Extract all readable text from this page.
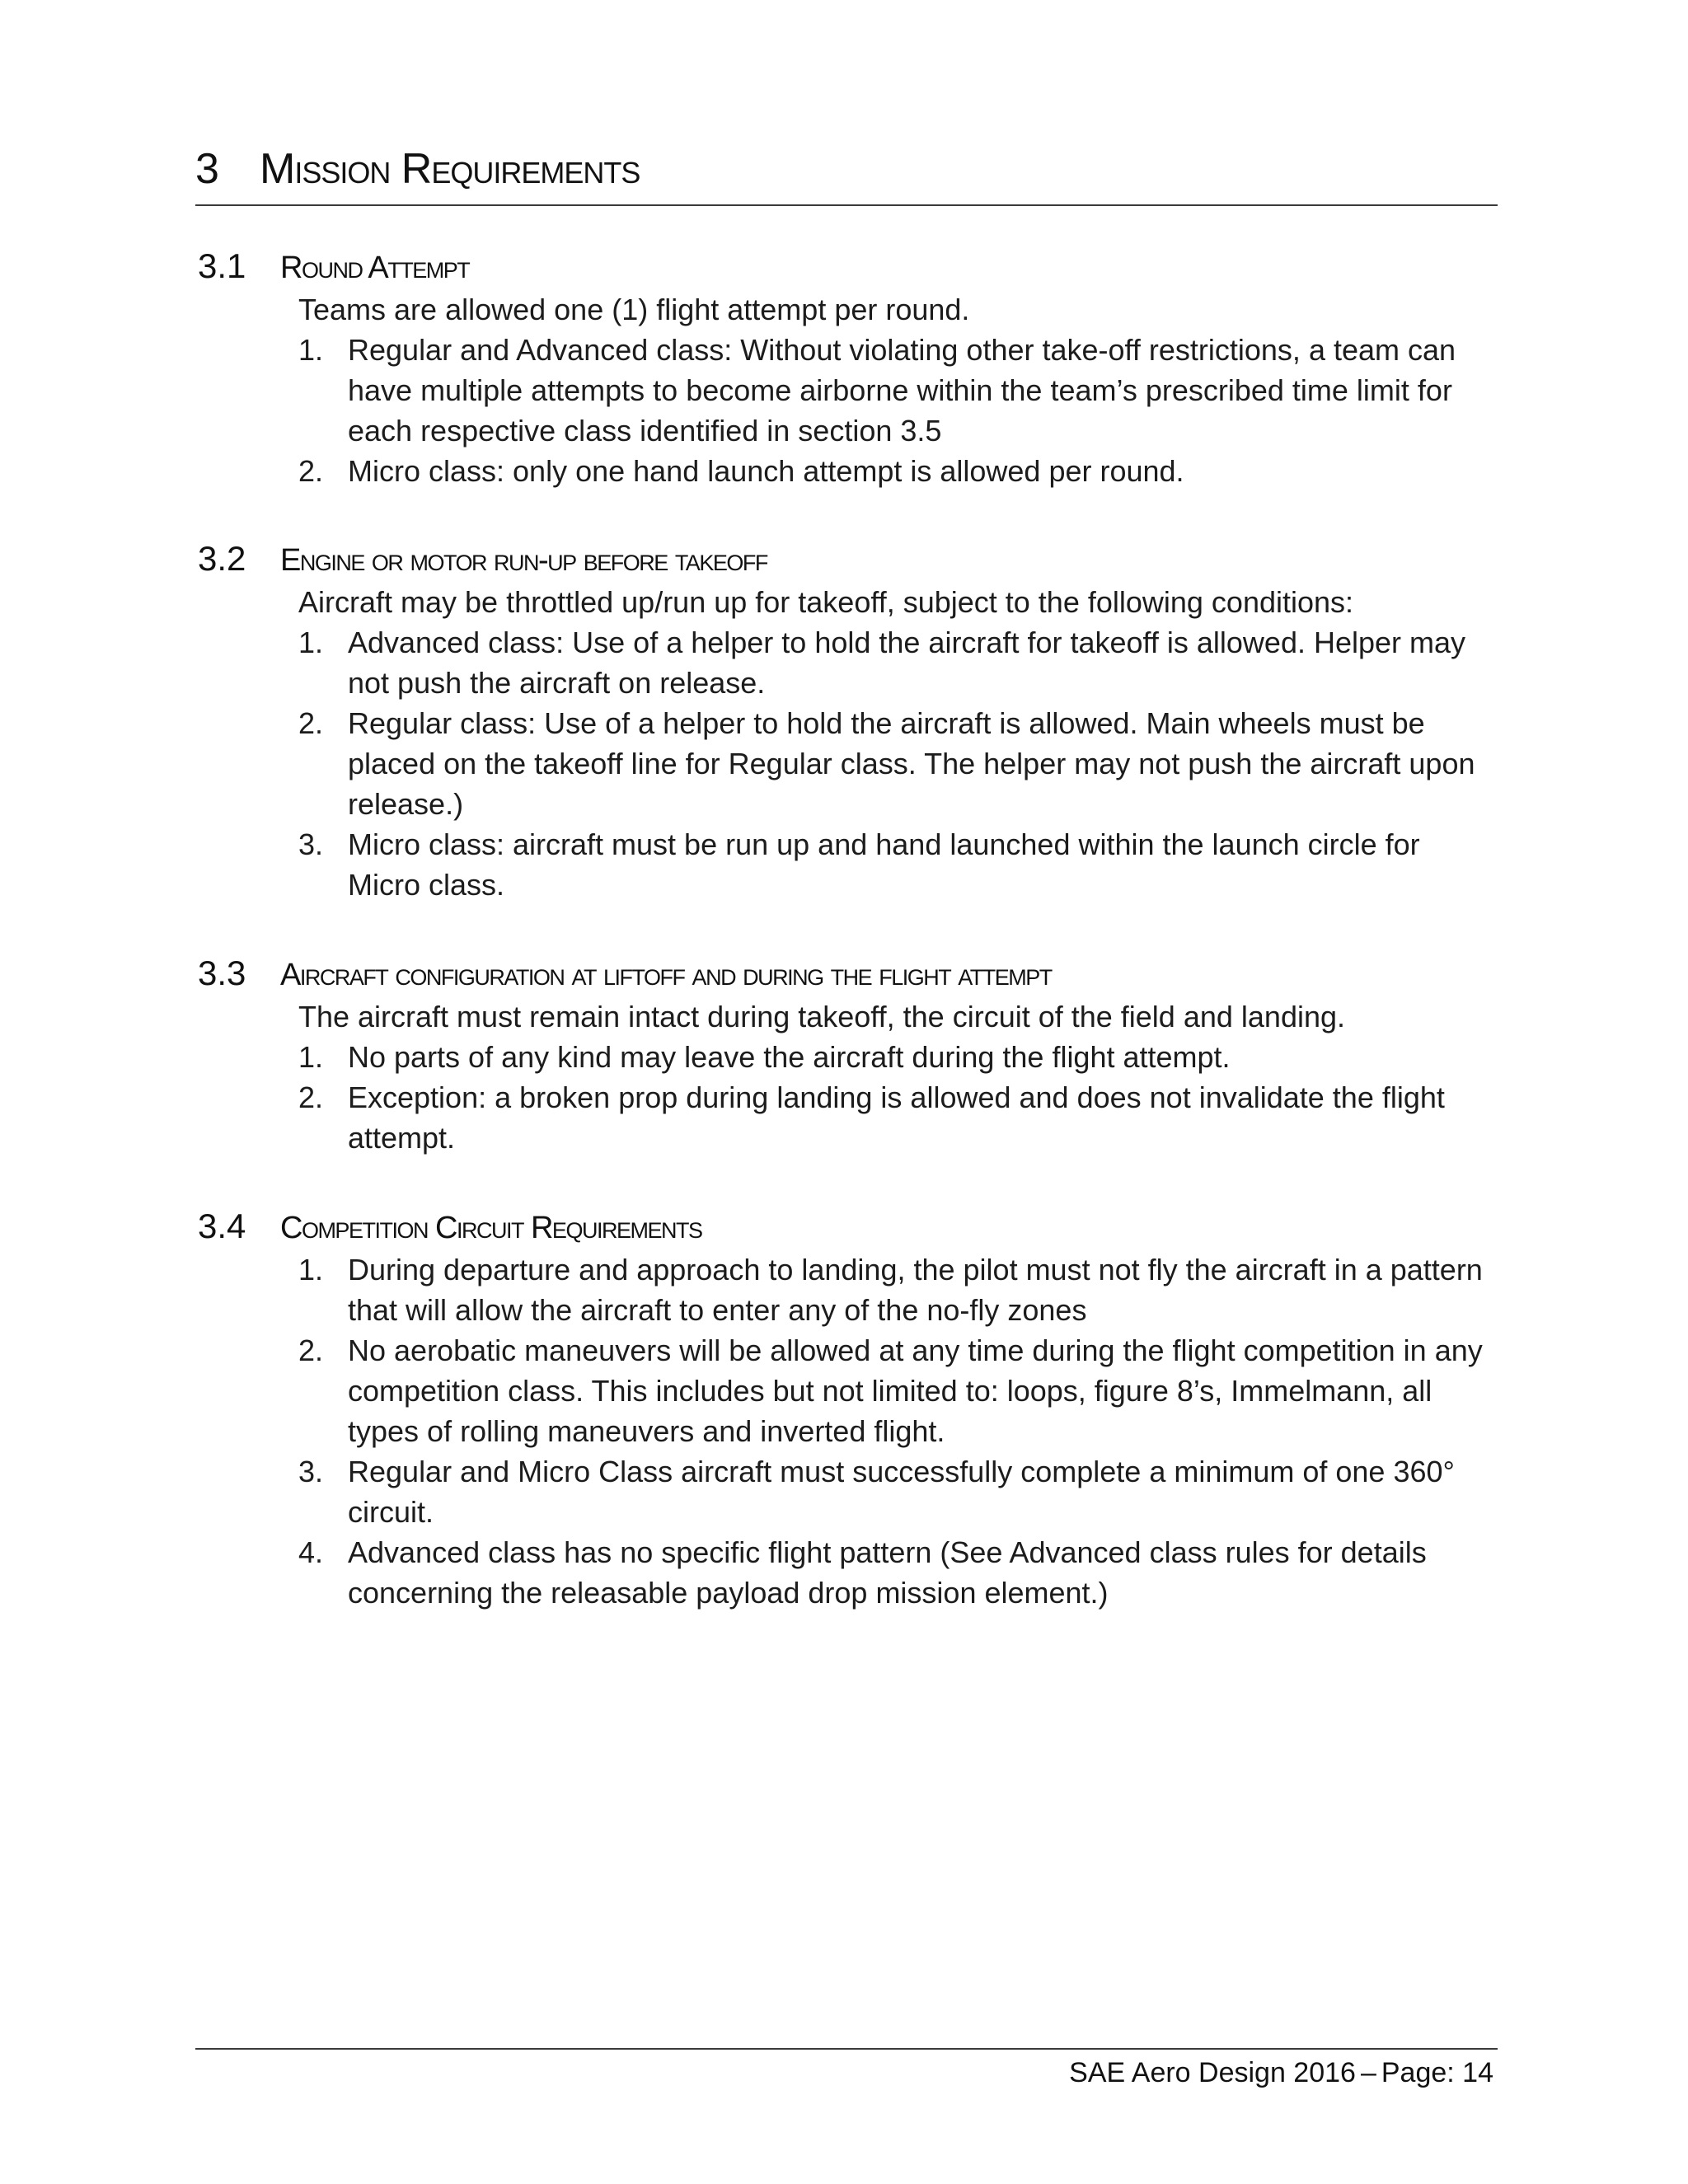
3 Mission Requirements
3.1 Round Attempt

Teams are allowed one (1) flight attempt per round.

1. Regular and Advanced class: Without violating other take-off restrictions, a team can have multiple attempts to become airborne within the team’s prescribed time limit for each respective class identified in section 3.5
2. Micro class: only one hand launch attempt is allowed per round.
3.2 Engine or motor run-up before takeoff

Aircraft may be throttled up/run up for takeoff, subject to the following conditions:

1. Advanced class: Use of a helper to hold the aircraft for takeoff is allowed. Helper may not push the aircraft on release.
2. Regular class: Use of a helper to hold the aircraft is allowed. Main wheels must be placed on the takeoff line for Regular class. The helper may not push the aircraft upon release.)
3. Micro class: aircraft must be run up and hand launched within the launch circle for Micro class.
3.3 Aircraft configuration at liftoff and during the flight attempt

The aircraft must remain intact during takeoff, the circuit of the field and landing.

1. No parts of any kind may leave the aircraft during the flight attempt.
2. Exception: a broken prop during landing is allowed and does not invalidate the flight attempt.
3.4 Competition Circuit Requirements
1. During departure and approach to landing, the pilot must not fly the aircraft in a pattern that will allow the aircraft to enter any of the no-fly zones
2. No aerobatic maneuvers will be allowed at any time during the flight competition in any competition class. This includes but not limited to: loops, figure 8’s, Immelmann, all types of rolling maneuvers and inverted flight.
3. Regular and Micro Class aircraft must successfully complete a minimum of one 360° circuit.
4. Advanced class has no specific flight pattern (See Advanced class rules for details concerning the releasable payload drop mission element.)
SAE Aero Design 2016 – Page: 14
